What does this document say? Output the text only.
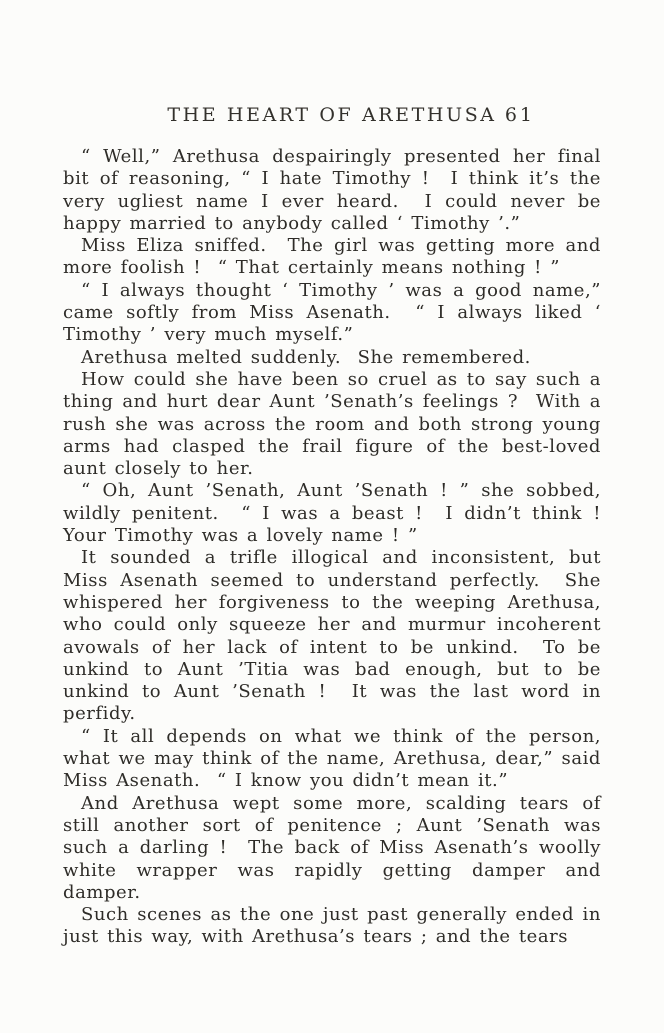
THE HEART OF ARETHUSA 61

“ Well,” Arethusa despairingly presented her final bit of reasoning, “ I hate Timothy !  I think it’s the very ugliest name I ever heard.  I could never be happy married to anybody called ‘ Timothy ’.”

Miss Eliza sniffed.  The girl was getting more and more foolish !  “ That certainly means nothing ! ”

“ I always thought ‘ Timothy ’ was a good name,” came softly from Miss Asenath.  “ I always liked ‘ Timothy ’ very much myself.”

Arethusa melted suddenly.  She remembered.

How could she have been so cruel as to say such a thing and hurt dear Aunt ’Senath’s feelings ?  With a rush she was across the room and both strong young arms had clasped the frail figure of the best-loved aunt closely to her.

“ Oh, Aunt ’Senath, Aunt ’Senath ! ” she sobbed, wildly penitent.  “ I was a beast !  I didn’t think ! Your Timothy was a lovely name ! ”

It sounded a trifle illogical and inconsistent, but Miss Asenath seemed to understand perfectly.  She whispered her forgiveness to the weeping Arethusa, who could only squeeze her and murmur incoherent avowals of her lack of intent to be unkind.  To be unkind to Aunt ’Titia was bad enough, but to be unkind to Aunt ’Senath !  It was the last word in perfidy.

“ It all depends on what we think of the person, what we may think of the name, Arethusa, dear,” said Miss Asenath.  “ I know you didn’t mean it.”

And Arethusa wept some more, scalding tears of still another sort of penitence ; Aunt ’Senath was such a darling !  The back of Miss Asenath’s woolly white wrapper was rapidly getting damper and damper.

Such scenes as the one just past generally ended in just this way, with Arethusa’s tears ; and the tears
